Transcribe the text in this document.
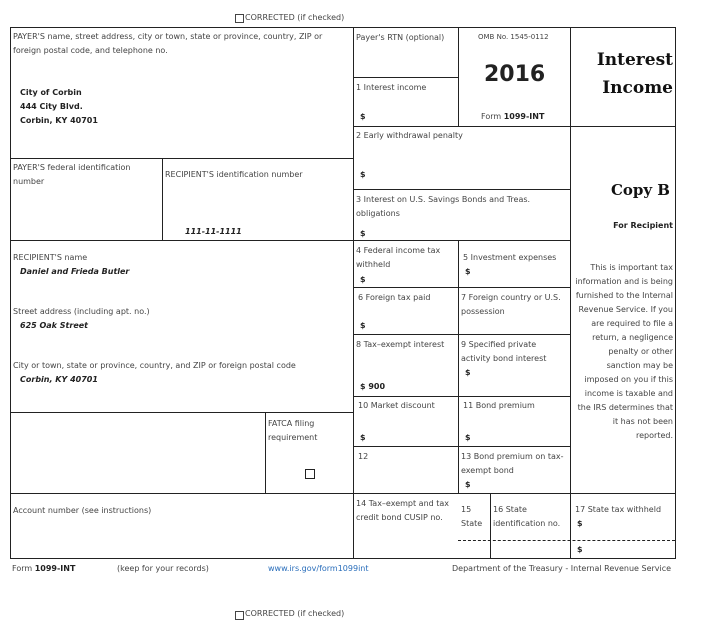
CORRECTED (if checked)
PAYER'S name, street address, city or town, state or province, country, ZIP or foreign postal code, and telephone no.
City of Corbin
444 City Blvd.
Corbin, KY 40701
Payer's RTN (optional)	OMB No. 1545-0112
2016
Form 1099-INT
1 Interest income
$
Interest
Income
2 Early withdrawal penalty
$
3 Interest on U.S. Savings Bonds and Treas. obligations
$
Copy B
For Recipient
This is important tax information and is being furnished to the Internal Revenue Service. If you are required to file a return, a negligence penalty or other sanction may be imposed on you if this income is taxable and the IRS determines that it has not been reported.
PAYER'S federal identification number
RECIPIENT'S identification number
111-11-1111
RECIPIENT'S name
Daniel and Frieda Butler
Street address (including apt. no.)
625 Oak Street
City or town, state or province, country, and ZIP or foreign postal code
Corbin, KY 40701
4 Federal income tax withheld
$
5 Investment expenses
$
6 Foreign tax paid
$
7 Foreign country or U.S. possession
8 Tax–exempt interest
$ 900
9 Specified private activity bond interest
$
10 Market discount
$
11 Bond premium
$
FATCA filing requirement
12	13 Bond premium on tax-exempt bond
$
Account number (see instructions)
14 Tax–exempt and tax credit bond CUSIP no.
15 State
16 State identification no.
17 State tax withheld
$
$
Form 1099-INT	(keep for your records)	www.irs.gov/form1099int	Department of the Treasury - Internal Revenue Service
CORRECTED (if checked)
